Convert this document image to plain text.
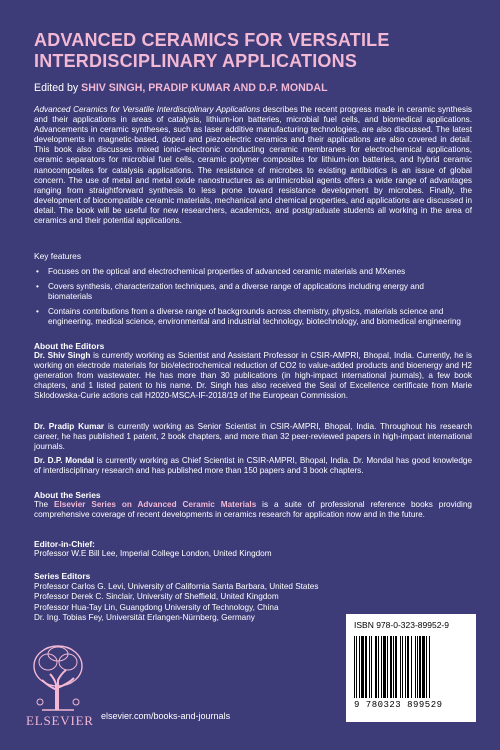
ADVANCED CERAMICS FOR VERSATILE INTERDISCIPLINARY APPLICATIONS
Edited by SHIV SINGH, PRADIP KUMAR AND D.P. MONDAL
Advanced Ceramics for Versatile Interdisciplinary Applications describes the recent progress made in ceramic synthesis and their applications in areas of catalysis, lithium-ion batteries, microbial fuel cells, and biomedical applications. Advancements in ceramic syntheses, such as laser additive manufacturing technologies, are also discussed. The latest developments in magnetic-based, doped and piezoelectric ceramics and their applications are also covered in detail. This book also discusses mixed ionic–electronic conducting ceramic membranes for electrochemical applications, ceramic separators for microbial fuel cells, ceramic polymer composites for lithium-ion batteries, and hybrid ceramic nanocomposites for catalysis applications. The resistance of microbes to existing antibiotics is an issue of global concern. The use of metal and metal oxide nanostructures as antimicrobial agents offers a wide range of advantages ranging from straightforward synthesis to less prone toward resistance development by microbes. Finally, the development of biocompatible ceramic materials, mechanical and chemical properties, and applications are discussed in detail. The book will be useful for new researchers, academics, and postgraduate students all working in the area of ceramics and their potential applications.
Key features
• Focuses on the optical and electrochemical properties of advanced ceramic materials and MXenes
• Covers synthesis, characterization techniques, and a diverse range of applications including energy and biomaterials
• Contains contributions from a diverse range of backgrounds across chemistry, physics, materials science and engineering, medical science, environmental and industrial technology, biotechnology, and biomedical engineering
About the Editors
Dr. Shiv Singh is currently working as Scientist and Assistant Professor in CSIR-AMPRI, Bhopal, India. Currently, he is working on electrode materials for bio/electrochemical reduction of CO2 to value-added products and bioenergy and H2 generation from wastewater. He has more than 30 publications (in high-impact international journals), a few book chapters, and 1 listed patent to his name. Dr. Singh has also received the Seal of Excellence certificate from Marie Sklodowska-Curie actions call H2020-MSCA-IF-2018/19 of the European Commission.
Dr. Pradip Kumar is currently working as Senior Scientist in CSIR-AMPRI, Bhopal, India. Throughout his research career, he has published 1 patent, 2 book chapters, and more than 32 peer-reviewed papers in high-impact international journals.
Dr. D.P. Mondal is currently working as Chief Scientist in CSIR-AMPRI, Bhopal, India. Dr. Mondal has good knowledge of interdisciplinary research and has published more than 150 papers and 3 book chapters.
About the Series
The Elsevier Series on Advanced Ceramic Materials is a suite of professional reference books providing comprehensive coverage of recent developments in ceramics research for application now and in the future.
Editor-in-Chief:
Professor W.E Bill Lee, Imperial College London, United Kingdom
Series Editors
Professor Carlos G. Levi, University of California Santa Barbara, United States
Professor Derek C. Sinclair, University of Sheffield, United Kingdom
Professor Hua-Tay Lin, Guangdong University of Technology, China
Dr. Ing. Tobias Fey, Universität Erlangen-Nürnberg, Germany
ELSEVIER elsevier.com/books-and-journals
ISBN 978-0-323-89952-9
9 780323 899529
